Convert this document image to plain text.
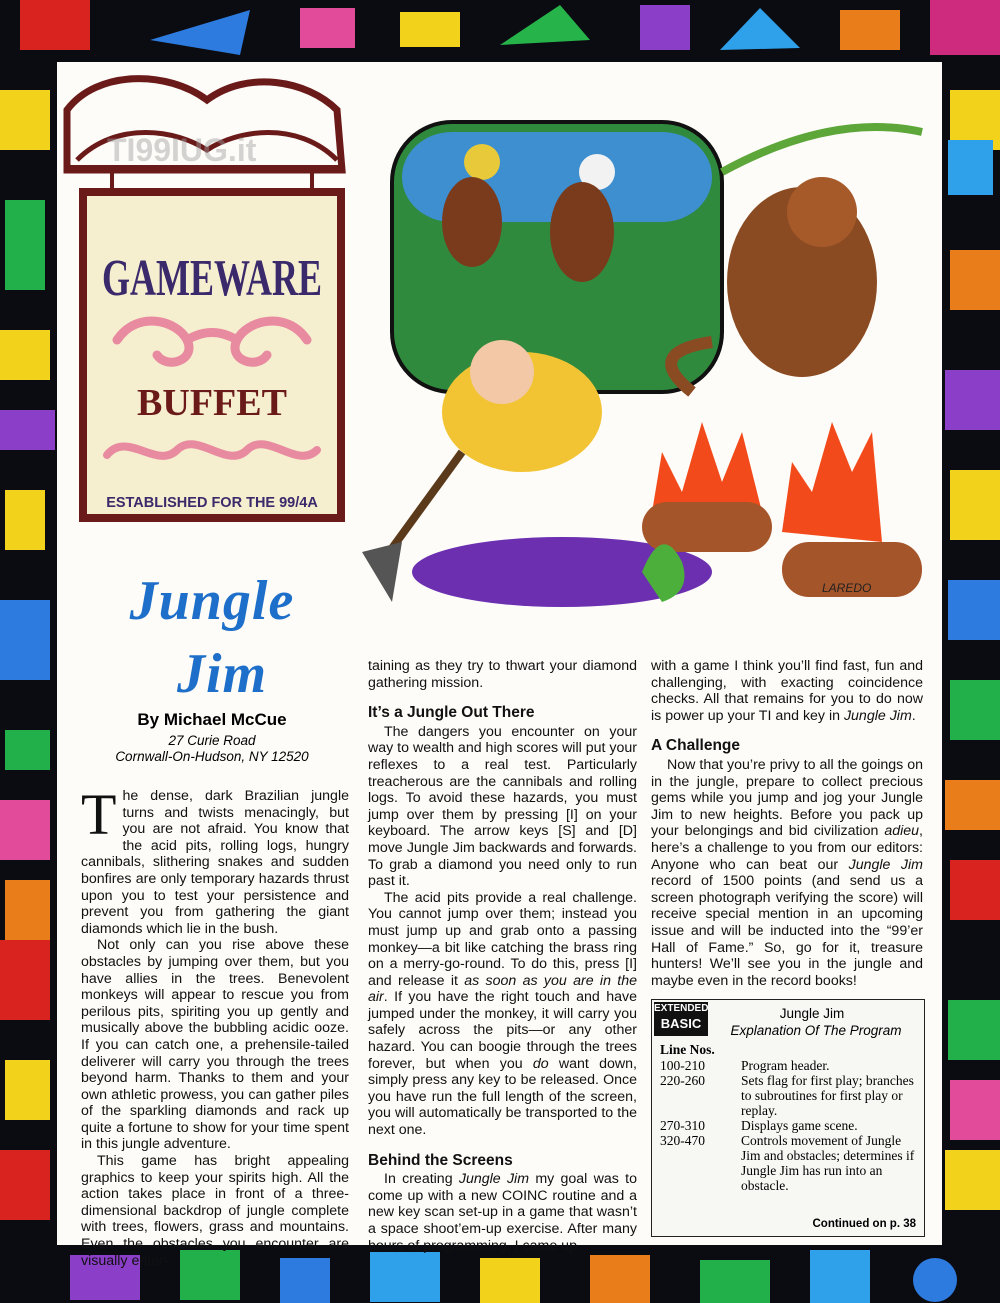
GAMEWARE
BUFFET
ESTABLISHED FOR THE 99/4A
TI99IUG.it
LAREDO
Jungle
Jim
By Michael McCue
27 Curie Road
Cornwall-On-Hudson, NY 12520

The dense, dark Brazilian jungle turns and twists menacingly, but you are not afraid. You know that the acid pits, rolling logs, hungry cannibals, slithering snakes and sudden bonfires are only temporary hazards thrust upon you to test your persistence and prevent you from gathering the giant diamonds which lie in the bush.

Not only can you rise above these obstacles by jumping over them, but you have allies in the trees. Benevolent monkeys will appear to rescue you from perilous pits, spiriting you up gently and musically above the bubbling acidic ooze. If you can catch one, a prehensile-tailed deliverer will carry you through the trees beyond harm. Thanks to them and your own athletic prowess, you can gather piles of the sparkling diamonds and rack up quite a fortune to show for your time spent in this jungle adventure.

This game has bright appealing graphics to keep your spirits high. All the action takes place in front of a three-dimensional backdrop of jungle complete with trees, flowers, grass and mountains. Even the obstacles you encounter are visually enter-

taining as they try to thwart your diamond gathering mission.

It’s a Jungle Out There

The dangers you encounter on your way to wealth and high scores will put your reflexes to a real test. Particularly treacherous are the cannibals and rolling logs. To avoid these hazards, you must jump over them by pressing [I] on your keyboard. The arrow keys [S] and [D] move Jungle Jim backwards and forwards. To grab a diamond you need only to run past it.

The acid pits provide a real challenge. You cannot jump over them; instead you must jump up and grab onto a passing monkey—a bit like catching the brass ring on a merry-go-round. To do this, press [I] and release it as soon as you are in the air. If you have the right touch and have jumped under the monkey, it will carry you safely across the pits—or any other hazard. You can boogie through the trees forever, but when you do want down, simply press any key to be released. Once you have run the full length of the screen, you will automatically be transported to the next one.

Behind the Screens

In creating Jungle Jim my goal was to come up with a new COINC routine and a new key scan set-up in a game that wasn’t a space shoot’em-up exercise. After many hours of programming, I came up

with a game I think you’ll find fast, fun and challenging, with exacting coincidence checks. All that remains for you to do now is power up your TI and key in Jungle Jim.

A Challenge

Now that you’re privy to all the goings on in the jungle, prepare to collect precious gems while you jump and jog your Jungle Jim to new heights. Before you pack up your belongings and bid civilization adieu, here’s a challenge to you from our editors: Anyone who can beat our Jungle Jim record of 1500 points (and send us a screen photograph verifying the score) will receive special mention in an upcoming issue and will be inducted into the “99’er Hall of Fame.” So, go for it, treasure hunters! We’ll see you in the jungle and maybe even in the record books!

EXTENDED
BASIC
Jungle Jim
Explanation Of The Program
Line Nos.
100-210	Program header.
220-260	Sets flag for first play; branches to subroutines for first play or replay.
270-310	Displays game scene.
320-470	Controls movement of Jungle Jim and obstacles; determines if Jungle Jim has run into an obstacle.
Continued on p. 38
